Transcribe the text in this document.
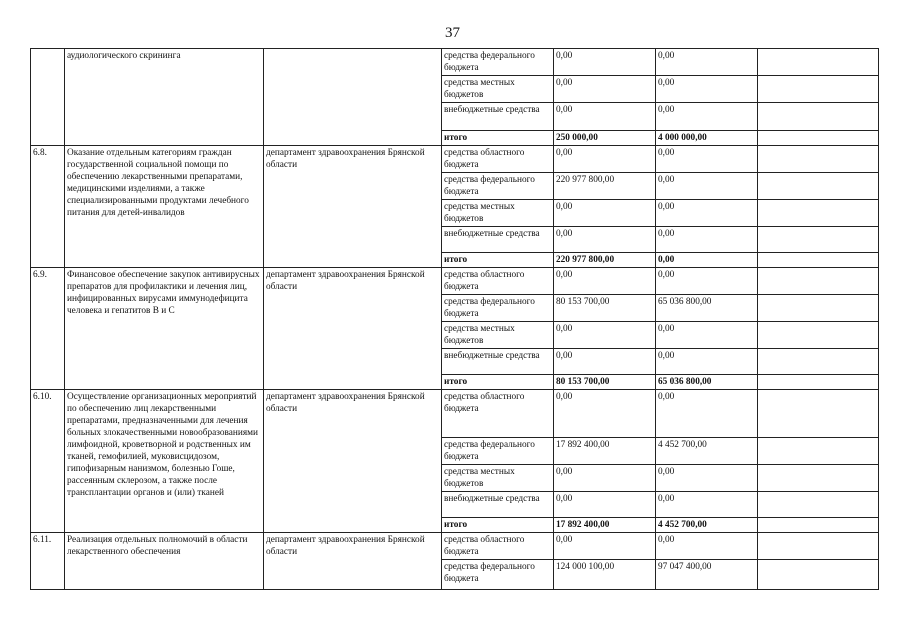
37
	аудиологического скрининга		средства федерального бюджета	0,00	0,00	
			средства местных бюджетов	0,00	0,00	
			внебюджетные средства	0,00	0,00	
			итого	250 000,00	4 000 000,00	
6.8.	Оказание отдельным категориям граждан государственной социальной помощи по обеспечению лекарственными препаратами, медицинскими изделиями, а также специализированными продуктами лечебного питания для детей-инвалидов	департамент здравоохранения Брянской области	средства областного бюджета	0,00	0,00	
			средства федерального бюджета	220 977 800,00	0,00	
			средства местных бюджетов	0,00	0,00	
			внебюджетные средства	0,00	0,00	
			итого	220 977 800,00	0,00	
6.9.	Финансовое обеспечение закупок антивирусных препаратов для профилактики и лечения лиц, инфицированных вирусами иммунодефицита человека и гепатитов В и С	департамент здравоохранения Брянской области	средства областного бюджета	0,00	0,00	
			средства федерального бюджета	80 153 700,00	65 036 800,00	
			средства местных бюджетов	0,00	0,00	
			внебюджетные средства	0,00	0,00	
			итого	80 153 700,00	65 036 800,00	
6.10.	Осуществление организационных мероприятий по обеспечению лиц лекарственными препаратами, предназначенными для лечения больных злокачественными новообразованиями лимфоидной, кроветворной и родственных им тканей, гемофилией, муковисцидозом, гипофизарным нанизмом, болезнью Гоше, рассеянным склерозом, а также после трансплантации органов и (или) тканей	департамент здравоохранения Брянской области	средства областного бюджета	0,00	0,00	
			средства федерального бюджета	17 892 400,00	4 452 700,00	
			средства местных бюджетов	0,00	0,00	
			внебюджетные средства	0,00	0,00	
			итого	17 892 400,00	4 452 700,00	
6.11.	Реализация отдельных полномочий в области лекарственного обеспечения	департамент здравоохранения Брянской области	средства областного бюджета	0,00	0,00	
			средства федерального бюджета	124 000 100,00	97 047 400,00	
